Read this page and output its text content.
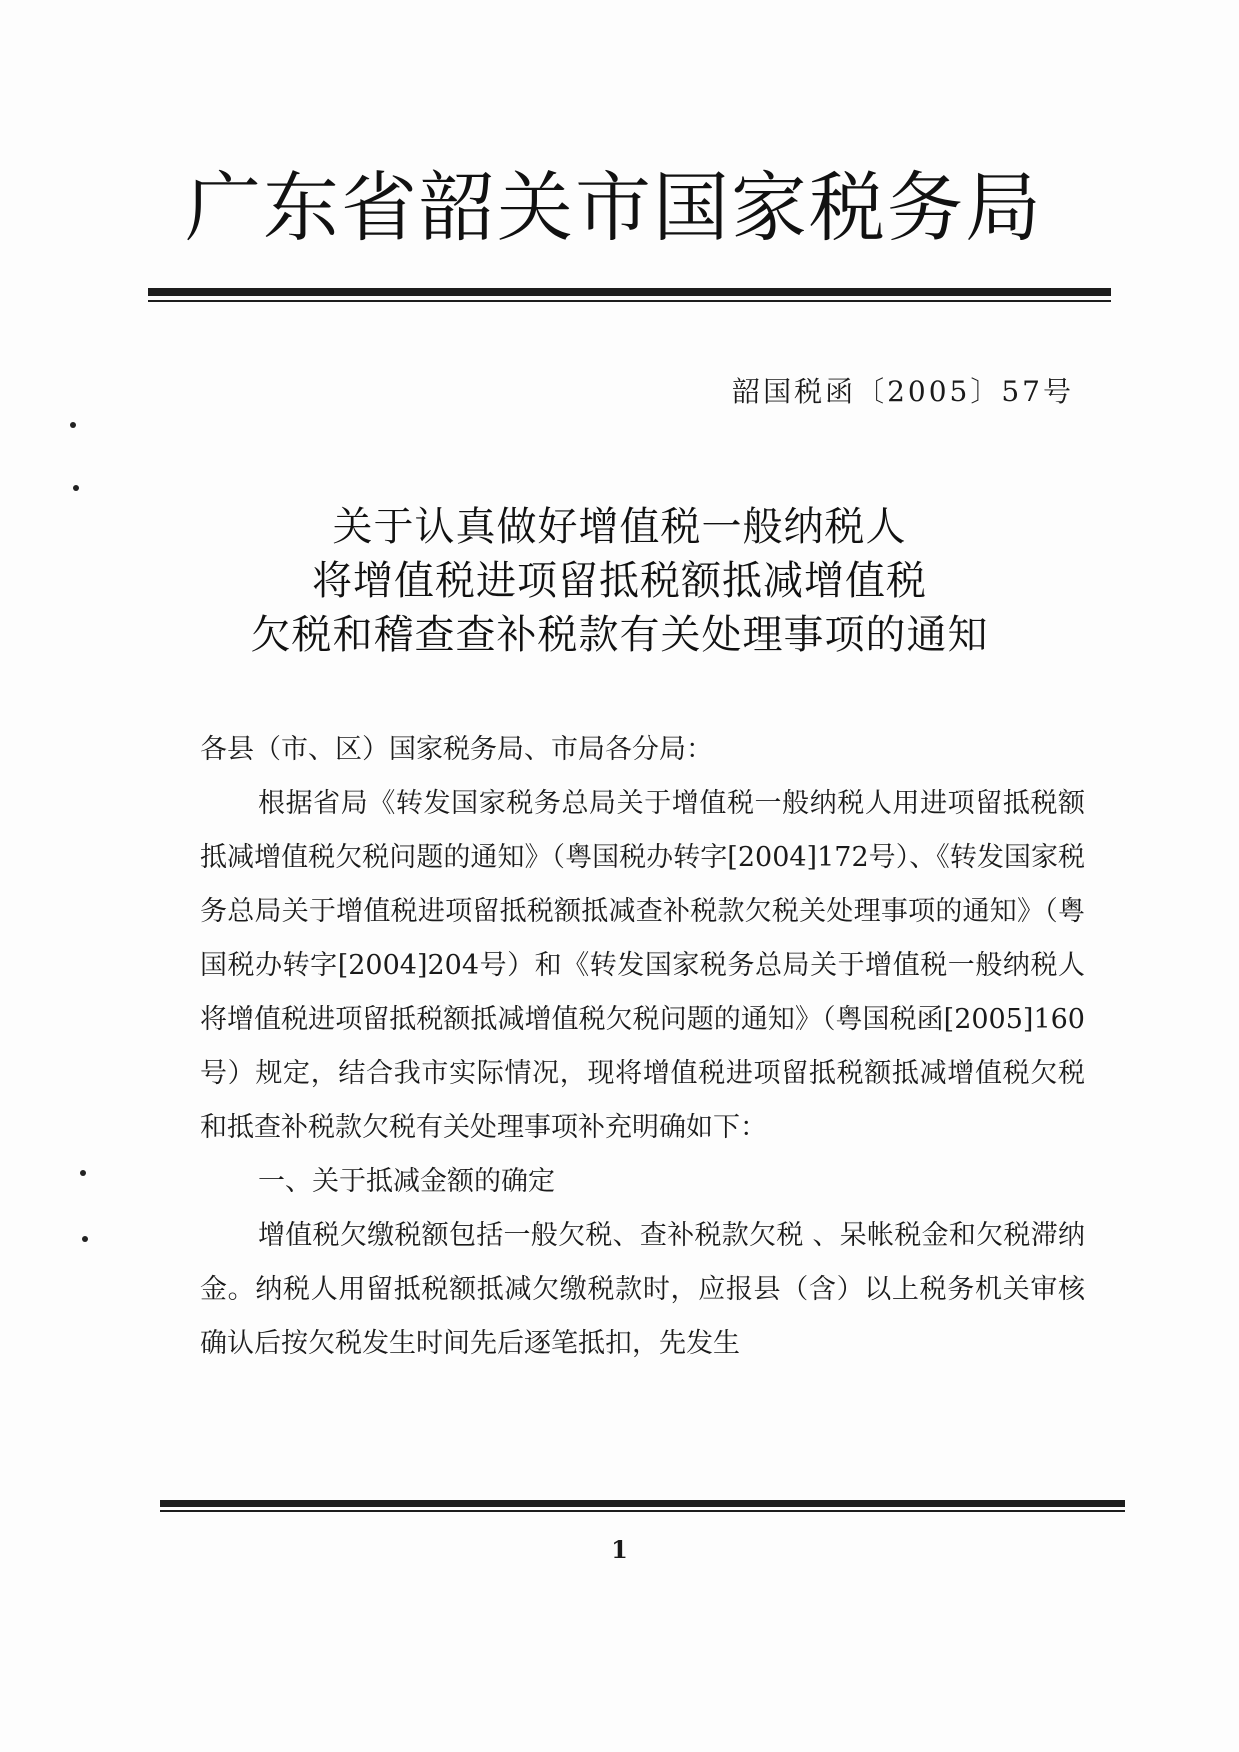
广东省韶关市国家税务局
韶国税函〔2005〕57号
关于认真做好增值税一般纳税人
将增值税进项留抵税额抵减增值税
欠税和稽查查补税款有关处理事项的通知

各县（市、区）国家税务局、市局各分局：

根据省局《转发国家税务总局关于增值税一般纳税人用进项留抵税额抵减增值税欠税问题的通知》（粤国税办转字[2004]172号）、《转发国家税务总局关于增值税进项留抵税额抵减查补税款欠税关处理事项的通知》（粤国税办转字[2004]204号）和《转发国家税务总局关于增值税一般纳税人将增值税进项留抵税额抵减增值税欠税问题的通知》（粤国税函[2005]160号）规定，结合我市实际情况，现将增值税进项留抵税额抵减增值税欠税和抵查补税款欠税有关处理事项补充明确如下：

一、关于抵减金额的确定

增值税欠缴税额包括一般欠税、查补税款欠税 、呆帐税金和欠税滞纳金。纳税人用留抵税额抵减欠缴税款时，应报县（含）以上税务机关审核确认后按欠税发生时间先后逐笔抵扣，先发生

1
